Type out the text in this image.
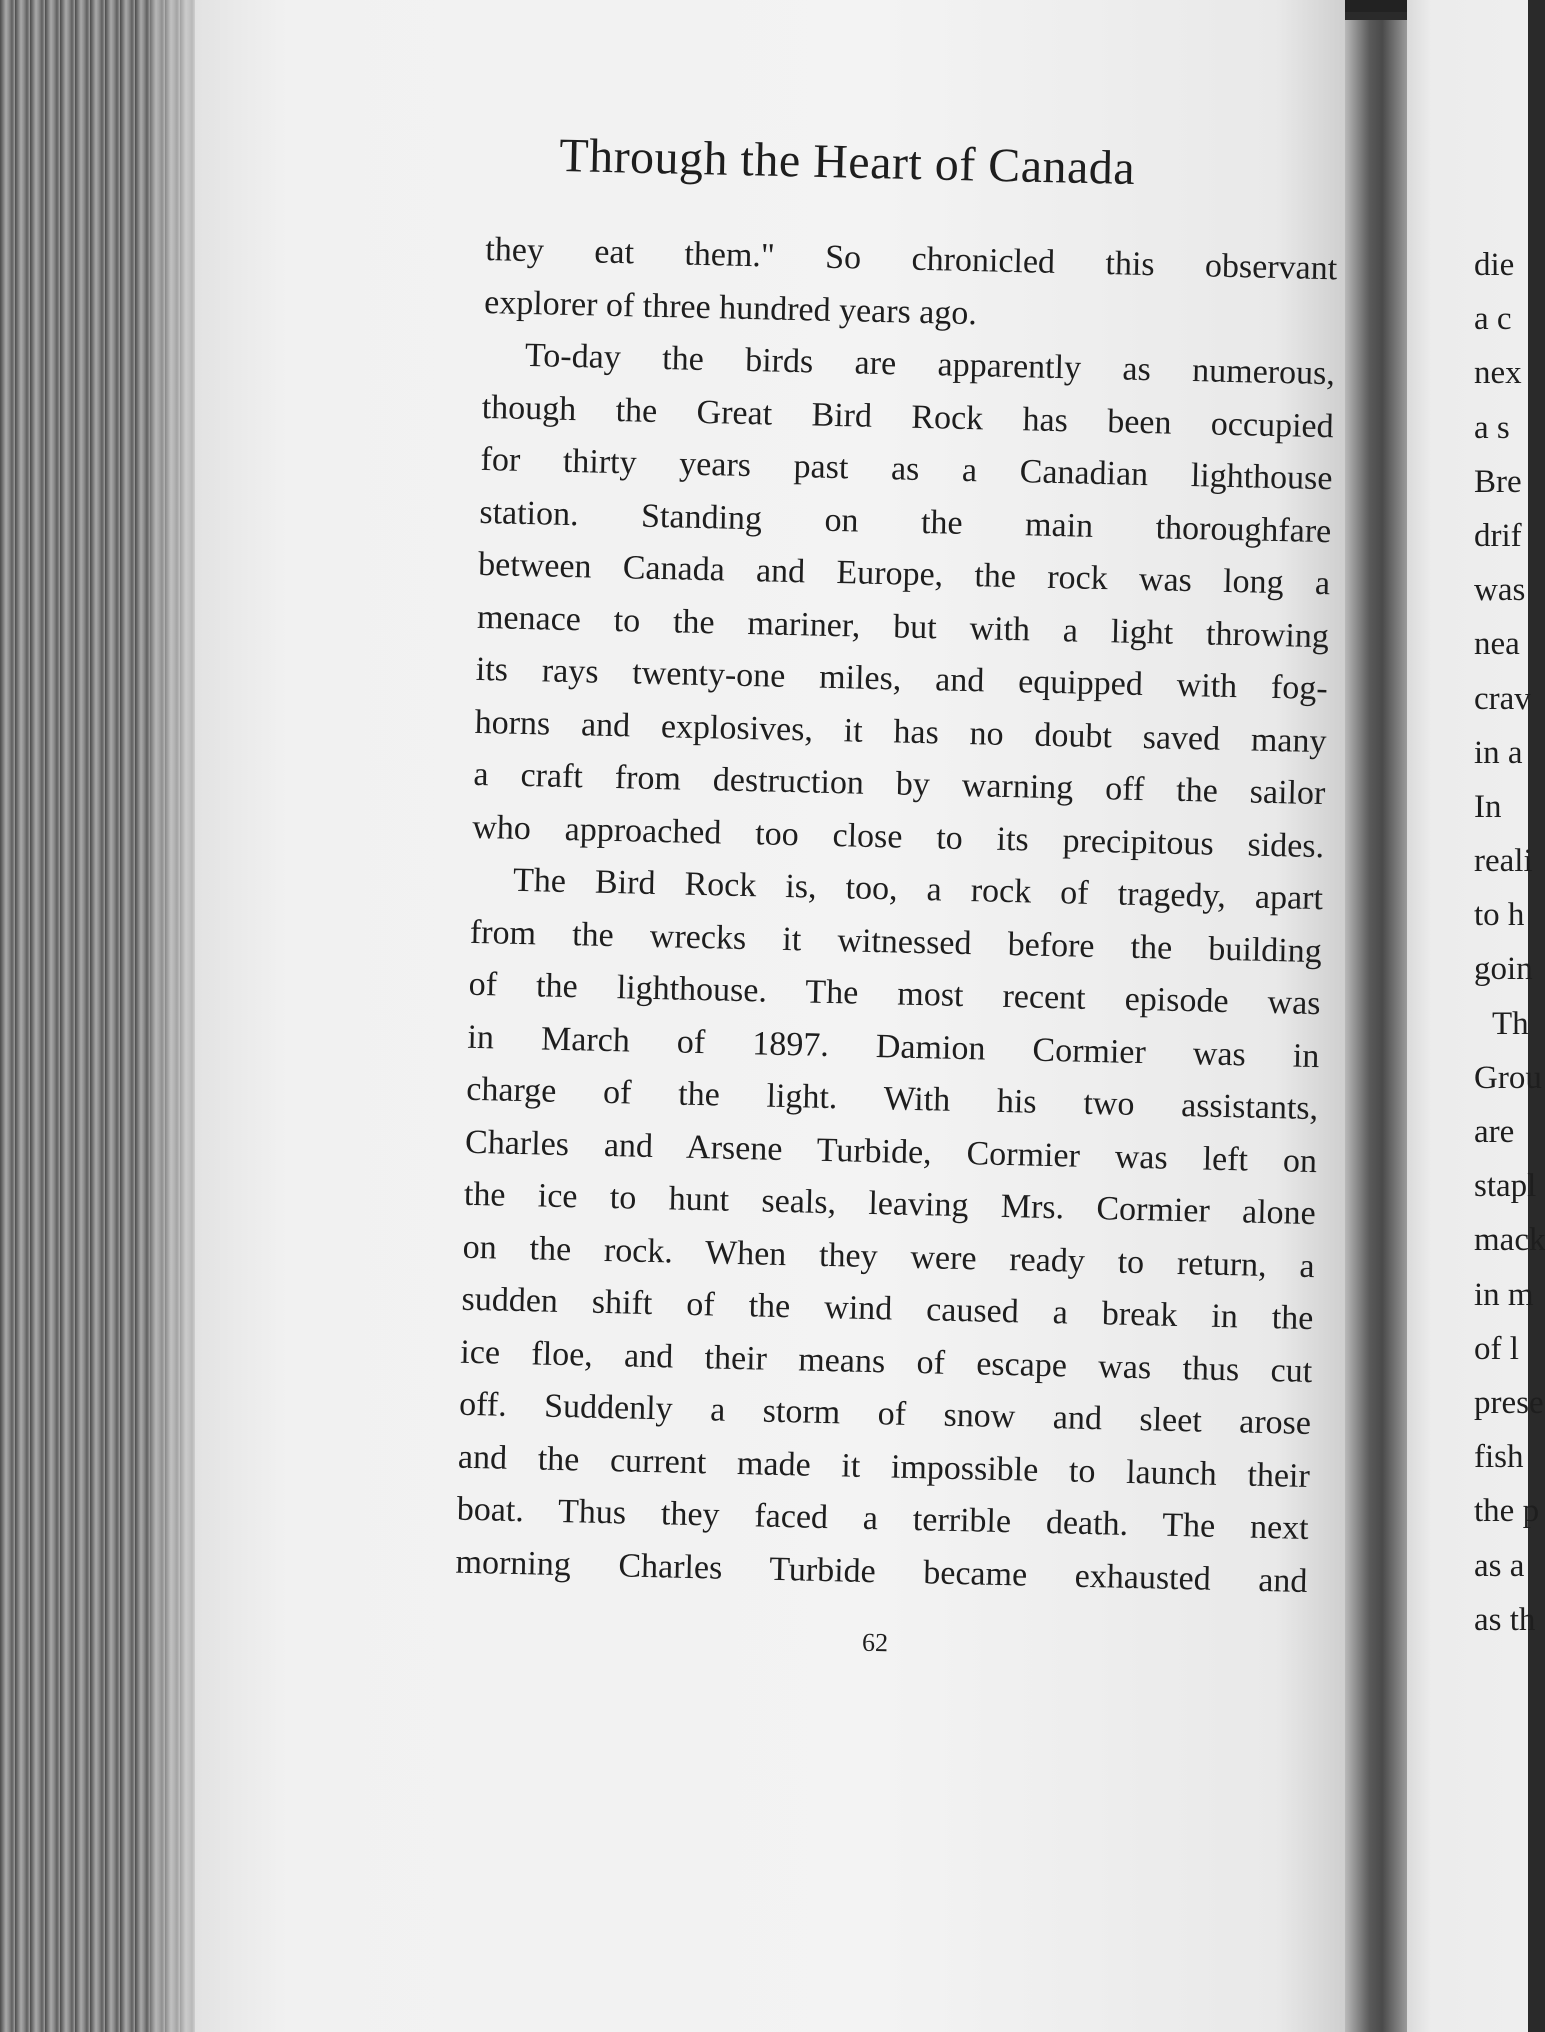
Through the Heart of Canada
they eat them." So chronicled this observant
explorer of three hundred years ago.
To-day the birds are apparently as numerous,
though the Great Bird Rock has been occupied
for thirty years past as a Canadian lighthouse
station. Standing on the main thoroughfare
between Canada and Europe, the rock was long a
menace to the mariner, but with a light throwing
its rays twenty-one miles, and equipped with fog-
horns and explosives, it has no doubt saved many
a craft from destruction by warning off the sailor
who approached too close to its precipitous sides.
The Bird Rock is, too, a rock of tragedy, apart
from the wrecks it witnessed before the building
of the lighthouse. The most recent episode was
in March of 1897. Damion Cormier was in
charge of the light. With his two assistants,
Charles and Arsene Turbide, Cormier was left on
the ice to hunt seals, leaving Mrs. Cormier alone
on the rock. When they were ready to return, a
sudden shift of the wind caused a break in the
ice floe, and their means of escape was thus cut
off. Suddenly a storm of snow and sleet arose
and the current made it impossible to launch their
boat. Thus they faced a terrible death. The next
morning Charles Turbide became exhausted and
62
die
a c
nex
a s
Bre
drif
was
nea
crav
in a
In
reali
to h
goin
Th
Grou
are
stapl
mack
in m
of l
prese
fish
the p
as a
as th
